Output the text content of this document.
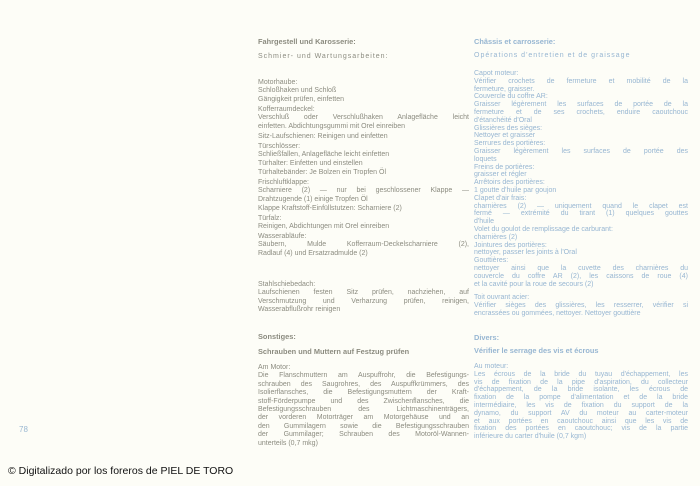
Fahrgestell und Karosserie:
Schmier- und Wartungsarbeiten:
Motorhaube:
Schloßhaken und Schloß
Gängigkeit prüfen, einfetten
Kofferraumdeckel:
Verschluß oder Verschlußhaken Anlagefläche leicht
einfetten. Abdichtungsgummi mit Orel einreiben
Sitz-Laufschienen: Reinigen und einfetten
Türschlösser:
Schließfallen, Anlagefläche leicht einfetten
Türhalter: Einfetten und einstellen
Türhaltebänder: Je Bolzen ein Tropfen Öl
Frischluftklappe:
Scharniere (2) — nur bei geschlossener Klappe —
Drahtzugende (1) einige Tropfen Öl
Klappe Kraftstoff-Einfüllstutzen: Scharniere (2)
Türfalz:
Reinigen, Abdichtungen mit Orel einreiben
Wasserabläufe:
Säubern, Mulde Kofferraum-Deckelscharniere (2),
Radlauf (4) und Ersatzradmulde (2)
Stahlschiebedach:
Laufschienen festen Sitz prüfen, nachziehen, auf
Verschmutzung und Verharzung prüfen, reinigen,
Wasserabflußrohr reinigen
Sonstiges:
Schrauben und Muttern auf Festzug prüfen
Am Motor:
Die Flanschmuttern am Auspuffrohr, die Befestigungs-
schrauben des Saugrohres, des Auspuffkrümmers, des
Isolierflansches, die Befestigungsmuttern der Kraft-
stoff-Förderpumpe und des Zwischenflansches, die
Befestigungsschrauben des Lichtmaschinenträgers,
der vorderen Motorträger am Motorgehäuse und an
den Gummilagern sowie die Befestigungsschrauben
der Gummilager; Schrauben des Motoröl-Wannen-
unterteils (0,7 mkg)
Châssis et carrosserie:
Opérations d'entretien et de graissage
Capot moteur:
Vérifier crochets de fermeture et mobilité de la
fermeture, graisser.
Couvercle du coffre AR:
Graisser légèrement les surfaces de portée de la
fermeture et de ses crochets, enduire caoutchouc
d'étanchéité d'Oral
Glissières des sièges:
Nettoyer et graisser
Serrures des portières:
Graisser légèrement les surfaces de portée des
loquets
Freins de portières:
graisser et régler
Arrêtoirs des portières:
1 goutte d'huile par goujon
Clapet d'air frais:
charnières (2) — uniquement quand le clapet est
fermé — extrémité du tirant (1) quelques gouttes
d'huile
Volet du goulot de remplissage de carburant:
charnières (2)
Jointures des portières:
nettoyer, passer les joints à l'Oral
Gouttières:
nettoyer ainsi que la cuvette des charnières du
couvercle du coffre AR (2), les caissons de roue (4)
et la cavité pour la roue de secours (2)
Toit ouvrant acier:
Vérifier sièges des glissières, les resserrer, vérifier si
encrassées ou gommées, nettoyer. Nettoyer gouttière
Divers:
Vérifier le serrage des vis et écrous
Au moteur:
Les écrous de la bride du tuyau d'échappement, les
vis de fixation de la pipe d'aspiration, du collecteur
d'échappement, de la bride isolante, les écrous de
fixation de la pompe d'alimentation et de la bride
intermédiaire, les vis de fixation du support de la
dynamo, du support AV du moteur au carter-moteur
et aux portées en caoutchouc ainsi que les vis de
fixation des portées en caoutchouc; vis de la partie
inférieure du carter d'huile (0,7 kgm)
78
© Digitalizado por los foreros de PIEL DE TORO
